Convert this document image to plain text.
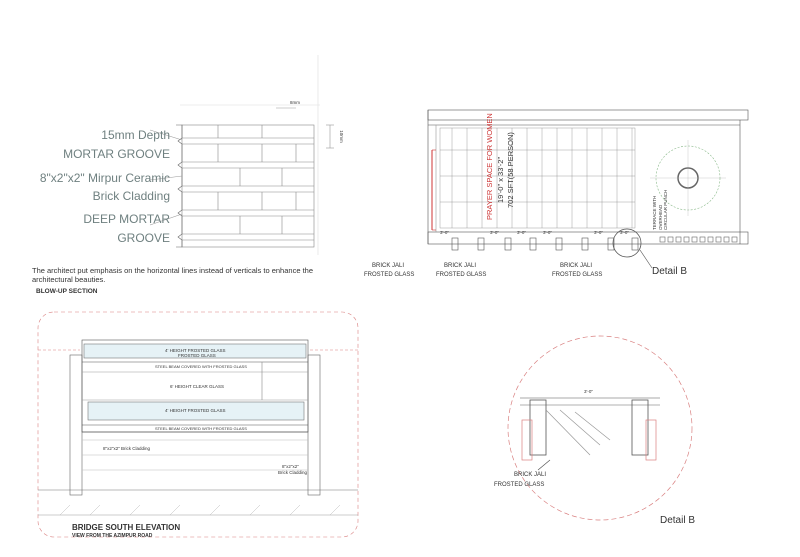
15mm Depth
MORTAR GROOVE
8"x2"x2" Mirpur Ceramic
Brick Cladding
DEEP MORTAR
GROOVE
8mm
10mm
The architect put emphasis on the horizontal lines instead of verticals to enhance the
architectural beauties.
BLOW-UP SECTION
PRAYER SPACE FOR WOMEN 19'-0" x 33'-2" 702 SFT(58 PERSON)
TERRACE WITH OVERHEAD CIRCULAR PUNCH
3'-0"	3'-0"	3'-0"	3'-0"	3'-0"	3'-0"
BRICK JALI
FROSTED GLASS
BRICK JALI
FROSTED GLASS
BRICK JALI
FROSTED GLASS	Detail B
4' HEIGHT FROSTED GLASS
FROSTED GLASS
STEEL BEAM COVERED WITH FROSTED GLASS
6' HEIGHT CLEAR GLASS
4' HEIGHT FROSTED GLASS
STEEL BEAM COVERED WITH FROSTED GLASS
8"x2"x2" Brick Cladding
8"x2"x2"
Brick Cladding
BRIDGE SOUTH ELEVATION
VIEW FROM THE AZIMPUR ROAD
3'-0"
BRICK JALI
FROSTED GLASS
Detail B
